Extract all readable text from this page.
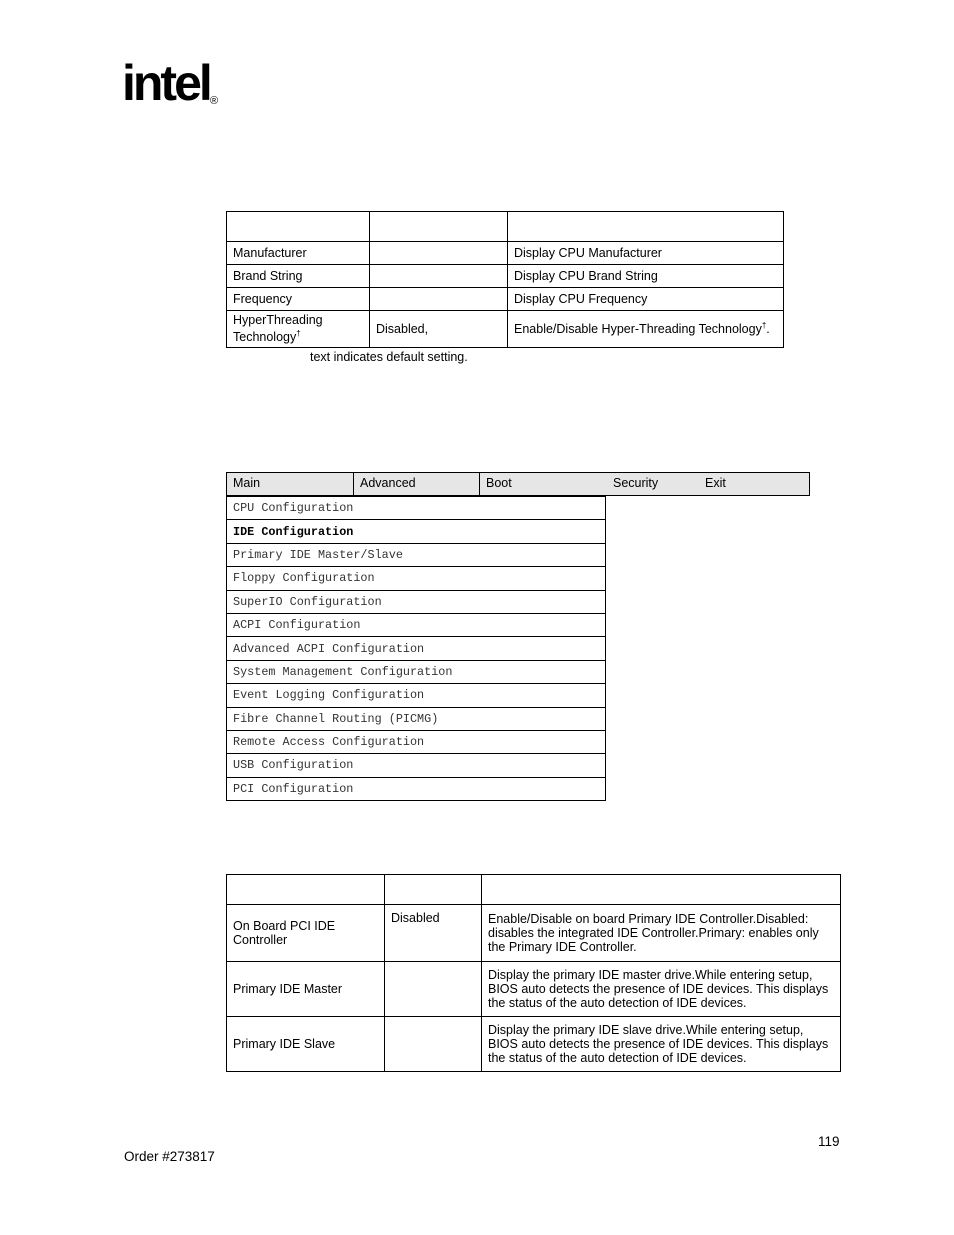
intel ®

Manufacturer		Display CPU Manufacturer
Brand String		Display CPU Brand String
Frequency		Display CPU Frequency
HyperThreading Technology†	Disabled,	Enable/Disable Hyper-Threading Technology†.
text indicates default setting.
Main	Advanced	Boot	Security	Exit
CPU Configuration
IDE Configuration
Primary IDE Master/Slave
Floppy Configuration
SuperIO Configuration
ACPI Configuration
Advanced ACPI Configuration
System Management Configuration
Event Logging Configuration
Fibre Channel Routing (PICMG)
Remote Access Configuration
USB Configuration
PCI Configuration

On Board PCI IDE Controller	Disabled	Enable/Disable on board Primary IDE Controller.Disabled: disables the integrated IDE Controller.Primary: enables only the Primary IDE Controller.
Primary IDE Master		Display the primary IDE master drive.While entering setup, BIOS auto detects the presence of IDE devices. This displays the status of the auto detection of IDE devices.
Primary IDE Slave		Display the primary IDE slave drive.While entering setup, BIOS auto detects the presence of IDE devices. This displays the status of the auto detection of IDE devices.
119
Order #273817
